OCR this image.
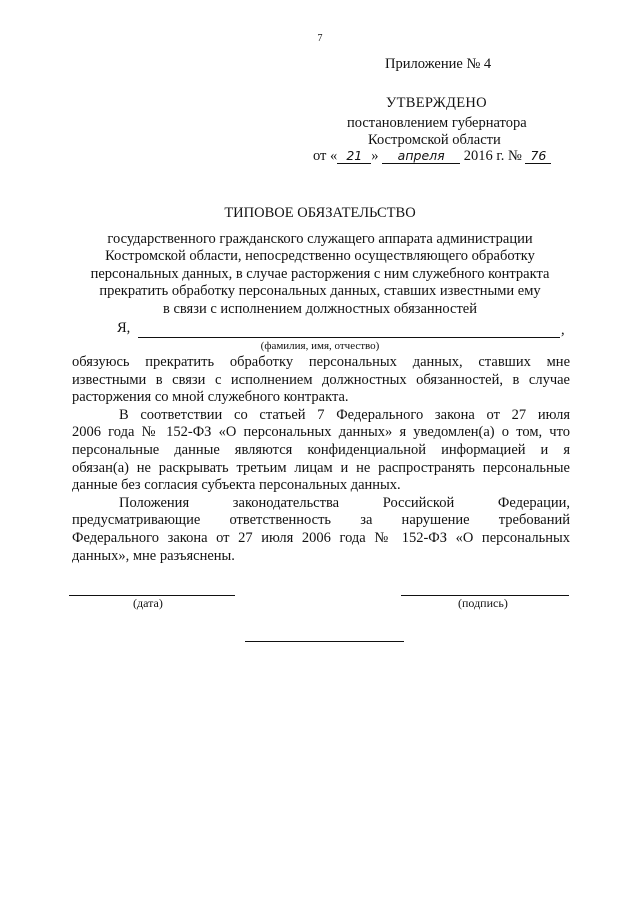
7
Приложение № 4
УТВЕРЖДЕНО
постановлением губернатора
Костромской области
от « 21 » апреля 2016 г. № 76
ТИПОВОЕ ОБЯЗАТЕЛЬСТВО
государственного гражданского служащего аппарата администрации
Костромской области, непосредственно осуществляющего обработку
персональных данных, в случае расторжения с ним служебного контракта
прекратить обработку персональных данных, ставших известными ему
в связи с исполнением должностных обязанностей
Я,	,
(фамилия, имя, отчество)

обязуюсь прекратить обработку персональных данных, ставших мне
известными в связи с исполнением должностных обязанностей, в случае
расторжения со мной служебного контракта.

В соответствии со статьей 7 Федерального закона от 27 июля
2006 года № 152-ФЗ «О персональных данных» я уведомлен(а) о том, что
персональные данные являются конфиденциальной информацией и я
обязан(а) не раскрывать третьим лицам и не распространять персональные
данные без согласия субъекта персональных данных.

Положения законодательства Российской Федерации,
предусматривающие ответственность за нарушение требований
Федерального закона от 27 июля 2006 года № 152-ФЗ «О персональных
данных», мне разъяснены.

(дата)	(подпись)
